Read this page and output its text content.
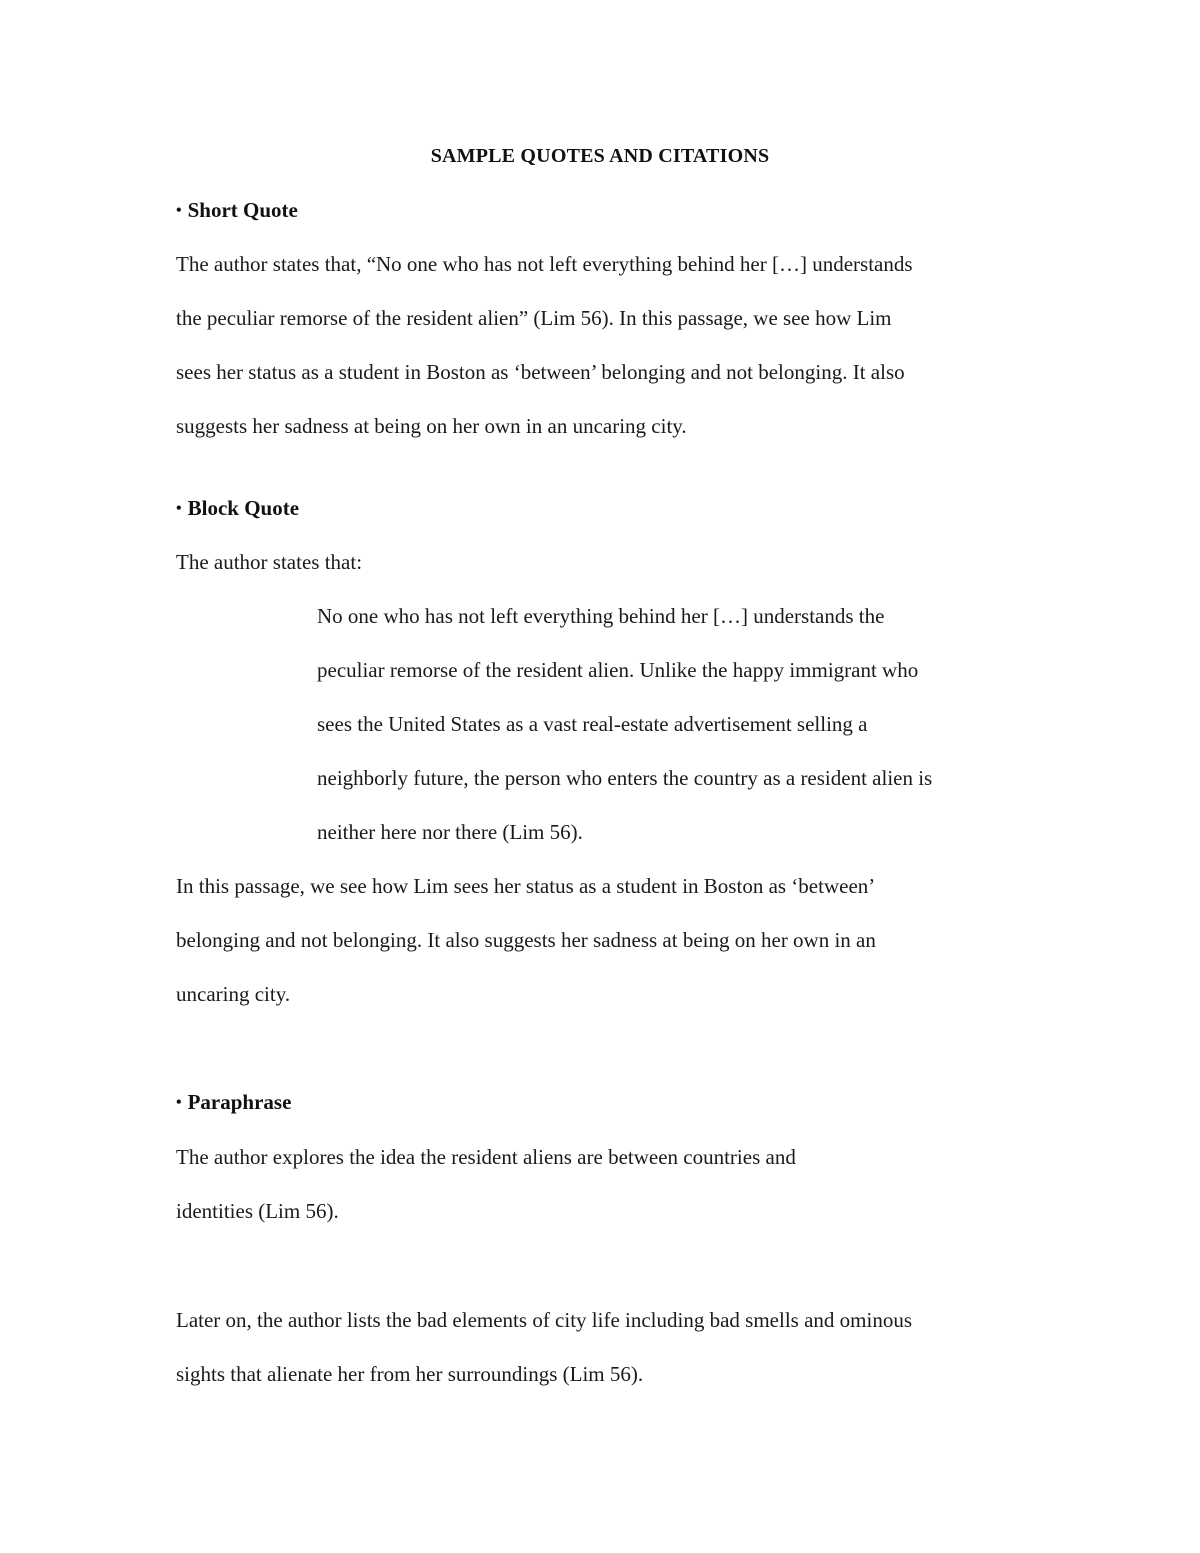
SAMPLE QUOTES AND CITATIONS
• Short Quote
The author states that, “No one who has not left everything behind her […] understands
the peculiar remorse of the resident alien” (Lim 56). In this passage, we see how Lim
sees her status as a student in Boston as ‘between’ belonging and not belonging. It also
suggests her sadness at being on her own in an uncaring city.
• Block Quote
The author states that:
No one who has not left everything behind her […] understands the
peculiar remorse of the resident alien. Unlike the happy immigrant who
sees the United States as a vast real-estate advertisement selling a
neighborly future, the person who enters the country as a resident alien is
neither here nor there (Lim 56).
In this passage, we see how Lim sees her status as a student in Boston as ‘between’
belonging and not belonging. It also suggests her sadness at being on her own in an
uncaring city.
• Paraphrase
The author explores the idea the resident aliens are between countries and
identities (Lim 56).
Later on, the author lists the bad elements of city life including bad smells and ominous
sights that alienate her from her surroundings (Lim 56).
